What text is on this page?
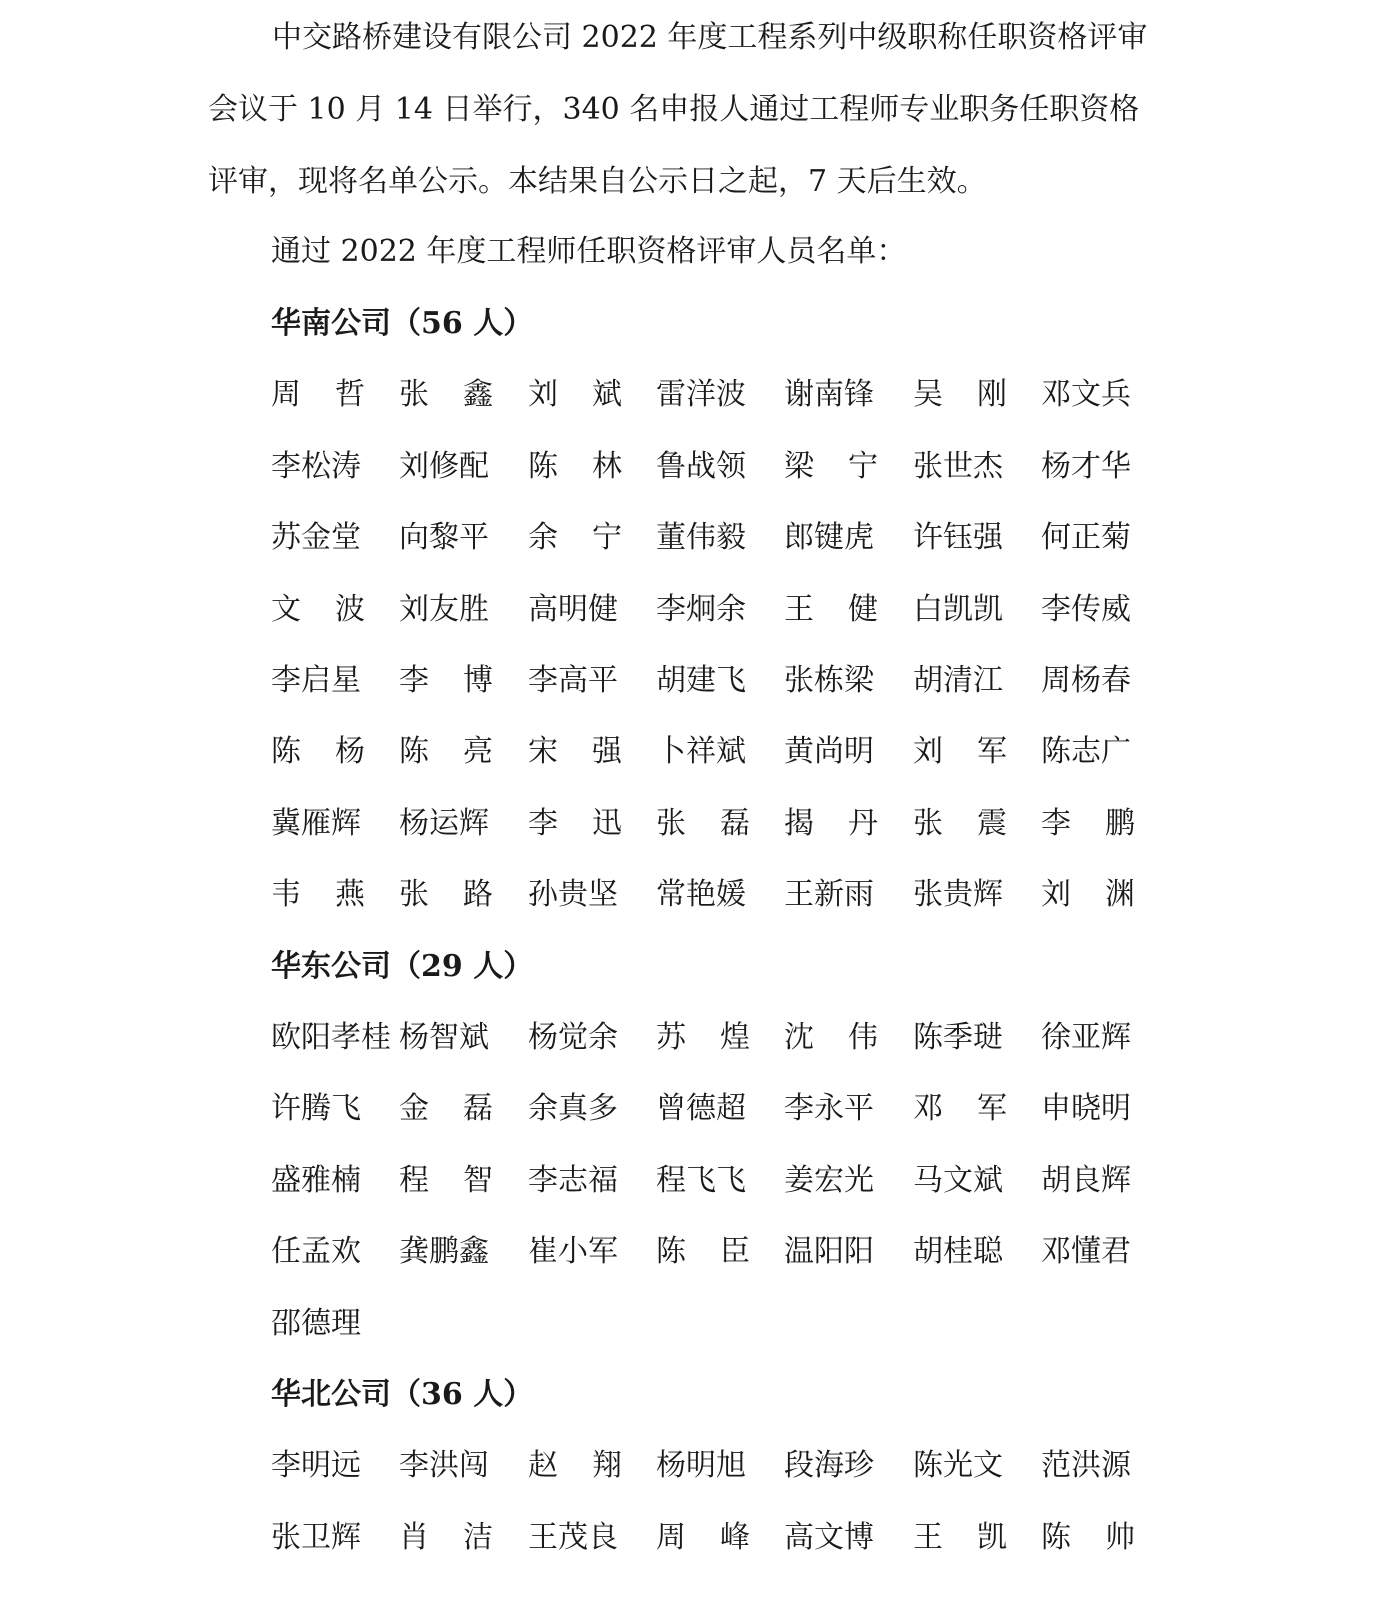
中交路桥建设有限公司 2022 年度工程系列中级职称任职资格评审会议于 10 月 14 日举行，340 名申报人通过工程师专业职务任职资格评审，现将名单公示。本结果自公示日之起，7 天后生效。

通过 2022 年度工程师任职资格评审人员名单：
华南公司（56 人）
周 哲 张 鑫 刘 斌 雷洋波 谢南锋 吴 刚 邓文兵
李松涛 刘修配 陈 林 鲁战领 梁 宁 张世杰 杨才华
苏金堂 向黎平 余 宁 董伟毅 郎键虎 许钰强 何正菊
文 波 刘友胜 高明健 李炯余 王 健 白凯凯 李传威
李启星 李 博 李高平 胡建飞 张栋梁 胡清江 周杨春
陈 杨 陈 亮 宋 强 卜祥斌 黄尚明 刘 军 陈志广
冀雁辉 杨运辉 李 迅 张 磊 揭 丹 张 震 李 鹏
韦 燕 张 路 孙贵坚 常艳媛 王新雨 张贵辉 刘 渊
华东公司（29 人）
欧阳孝桂 杨智斌 杨觉余 苏 煌 沈 伟 陈季琎 徐亚辉
许腾飞 金 磊 余真多 曾德超 李永平 邓 军 申晓明
盛雅楠 程 智 李志福 程飞飞 姜宏光 马文斌 胡良辉
任孟欢 龚鹏鑫 崔小军 陈 臣 温阳阳 胡桂聪 邓懂君
邵德理
华北公司（36 人）
李明远 李洪闯 赵 翔 杨明旭 段海珍 陈光文 范洪源
张卫辉 肖 洁 王茂良 周 峰 高文博 王 凯 陈 帅
